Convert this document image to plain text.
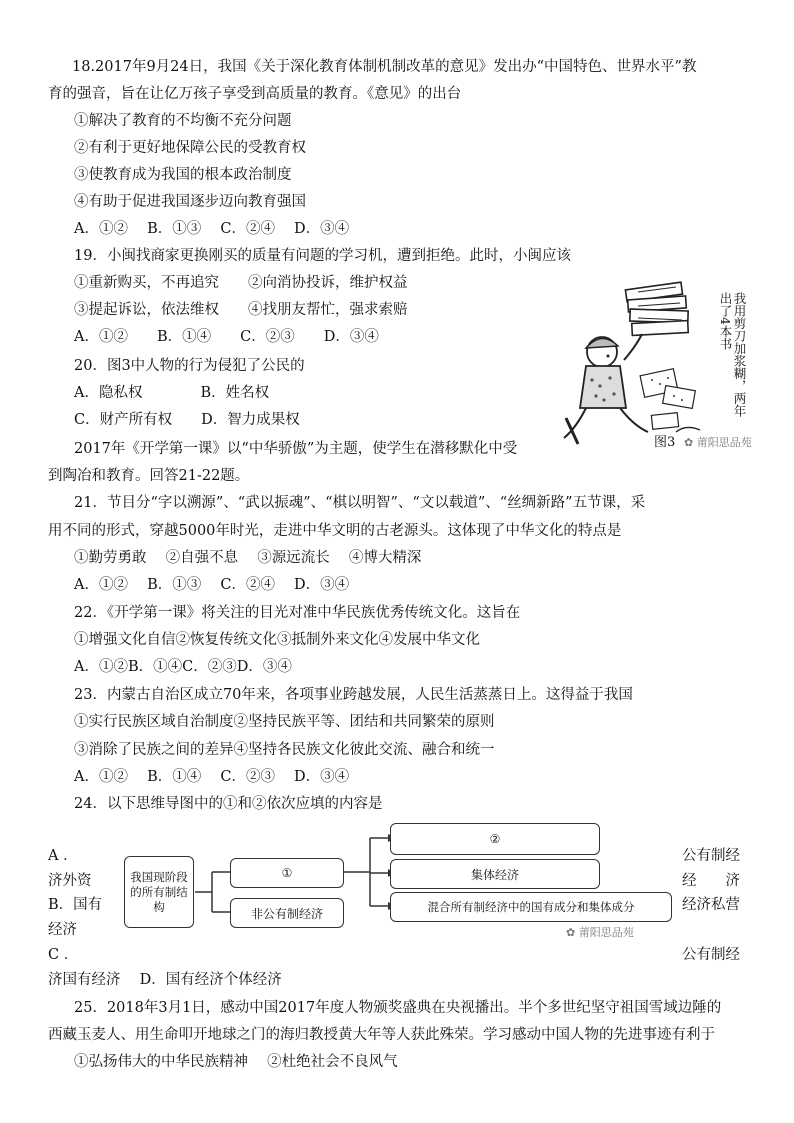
18.2017年9月24日，我国《关于深化教育体制机制改革的意见》发出办“中国特色、世界水平”教
育的强音，旨在让亿万孩子享受到高质量的教育。《意见》的出台
①解决了教育的不均衡不充分问题
②有利于更好地保障公民的受教育权
③使教育成为我国的根本政治制度
④有助于促进我国逐步迈向教育强国
A．①②　 B．①③　 C．②④　 D．③④
19．小闽找商家更换刚买的质量有问题的学习机，遭到拒绝。此时，小闽应该
①重新购买，不再追究　　②向消协投诉，维护权益
③提起诉讼，依法维权　　④找朋友帮忙，强求索赔
A．①②　　B．①④　　C．②③　　D．③④
20．图3中人物的行为侵犯了公民的
A．隐私权　　　　B．姓名权
C．财产所有权　　D．智力成果权
我用剪刀加浆糊，两年出了4本书
图3 ✿ 莆阳思品苑
2017年《开学第一课》以“中华骄傲”为主题，使学生在潜移默化中受
到陶冶和教育。回答21-22题。
21．节目分“字以溯源”、“武以振魂”、“棋以明智”、“文以载道”、“丝绸新路”五节课，采
用不同的形式，穿越5000年时光，走进中华文明的古老源头。这体现了中华文化的特点是
①勤劳勇敢　 ②自强不息　 ③源远流长　 ④博大精深
A．①②　 B．①③　 C．②④　 D．③④
22．《开学第一课》将关注的目光对准中华民族优秀传统文化。这旨在
①增强文化自信②恢复传统文化③抵制外来文化④发展中华文化
A．①②B．①④C．②③D．③④
23．内蒙古自治区成立70年来，各项事业跨越发展，人民生活蒸蒸日上。这得益于我国
①实行民族区域自治制度②坚持民族平等、团结和共同繁荣的原则
③消除了民族之间的差异④坚持各民族文化彼此交流、融合和统一
A．①②　 B．①④　 C．②③　 D．③④
24．以下思维导图中的①和②依次应填的内容是
A ．
济外资
B．国有
经济
C ．
公有制经
经　　济
经济私营
公有制经
我国现阶段的所有制结构
①
非公有制经济
②
集体经济
混合所有制经济中的国有成分和集体成分
✿ 莆阳思品苑
济国有经济　 D．国有经济个体经济
25．2018年3月1日，感动中国2017年度人物颁奖盛典在央视播出。半个多世纪坚守祖国雪域边陲的
西藏玉麦人、用生命叩开地球之门的海归教授黄大年等人获此殊荣。学习感动中国人物的先进事迹有利于
①弘扬伟大的中华民族精神　 ②杜绝社会不良风气
